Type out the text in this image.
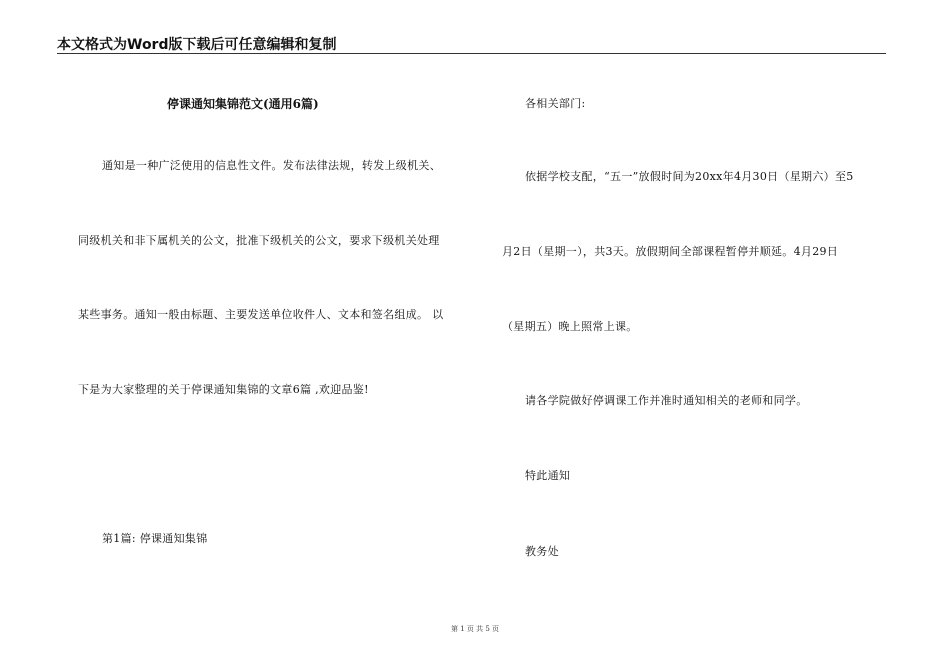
本文格式为Word版下载后可任意编辑和复制
停课通知集锦范文(通用6篇)
通知是一种广泛使用的信息性文件。发布法律法规，转发上级机关、
同级机关和非下属机关的公文，批准下级机关的公文，要求下级机关处理
某些事务。通知一般由标题、主要发送单位收件人、文本和签名组成。 以
下是为大家整理的关于停课通知集锦的文章6篇 ,欢迎品鉴!
第1篇: 停课通知集锦
各相关部门:
依据学校支配，“五一”放假时间为20xx年4月30日（星期六）至5
月2日（星期一），共3天。放假期间全部课程暂停并顺延。4月29日
（星期五）晚上照常上课。
请各学院做好停调课工作并准时通知相关的老师和同学。
特此通知
教务处
第 1 页 共 5 页
